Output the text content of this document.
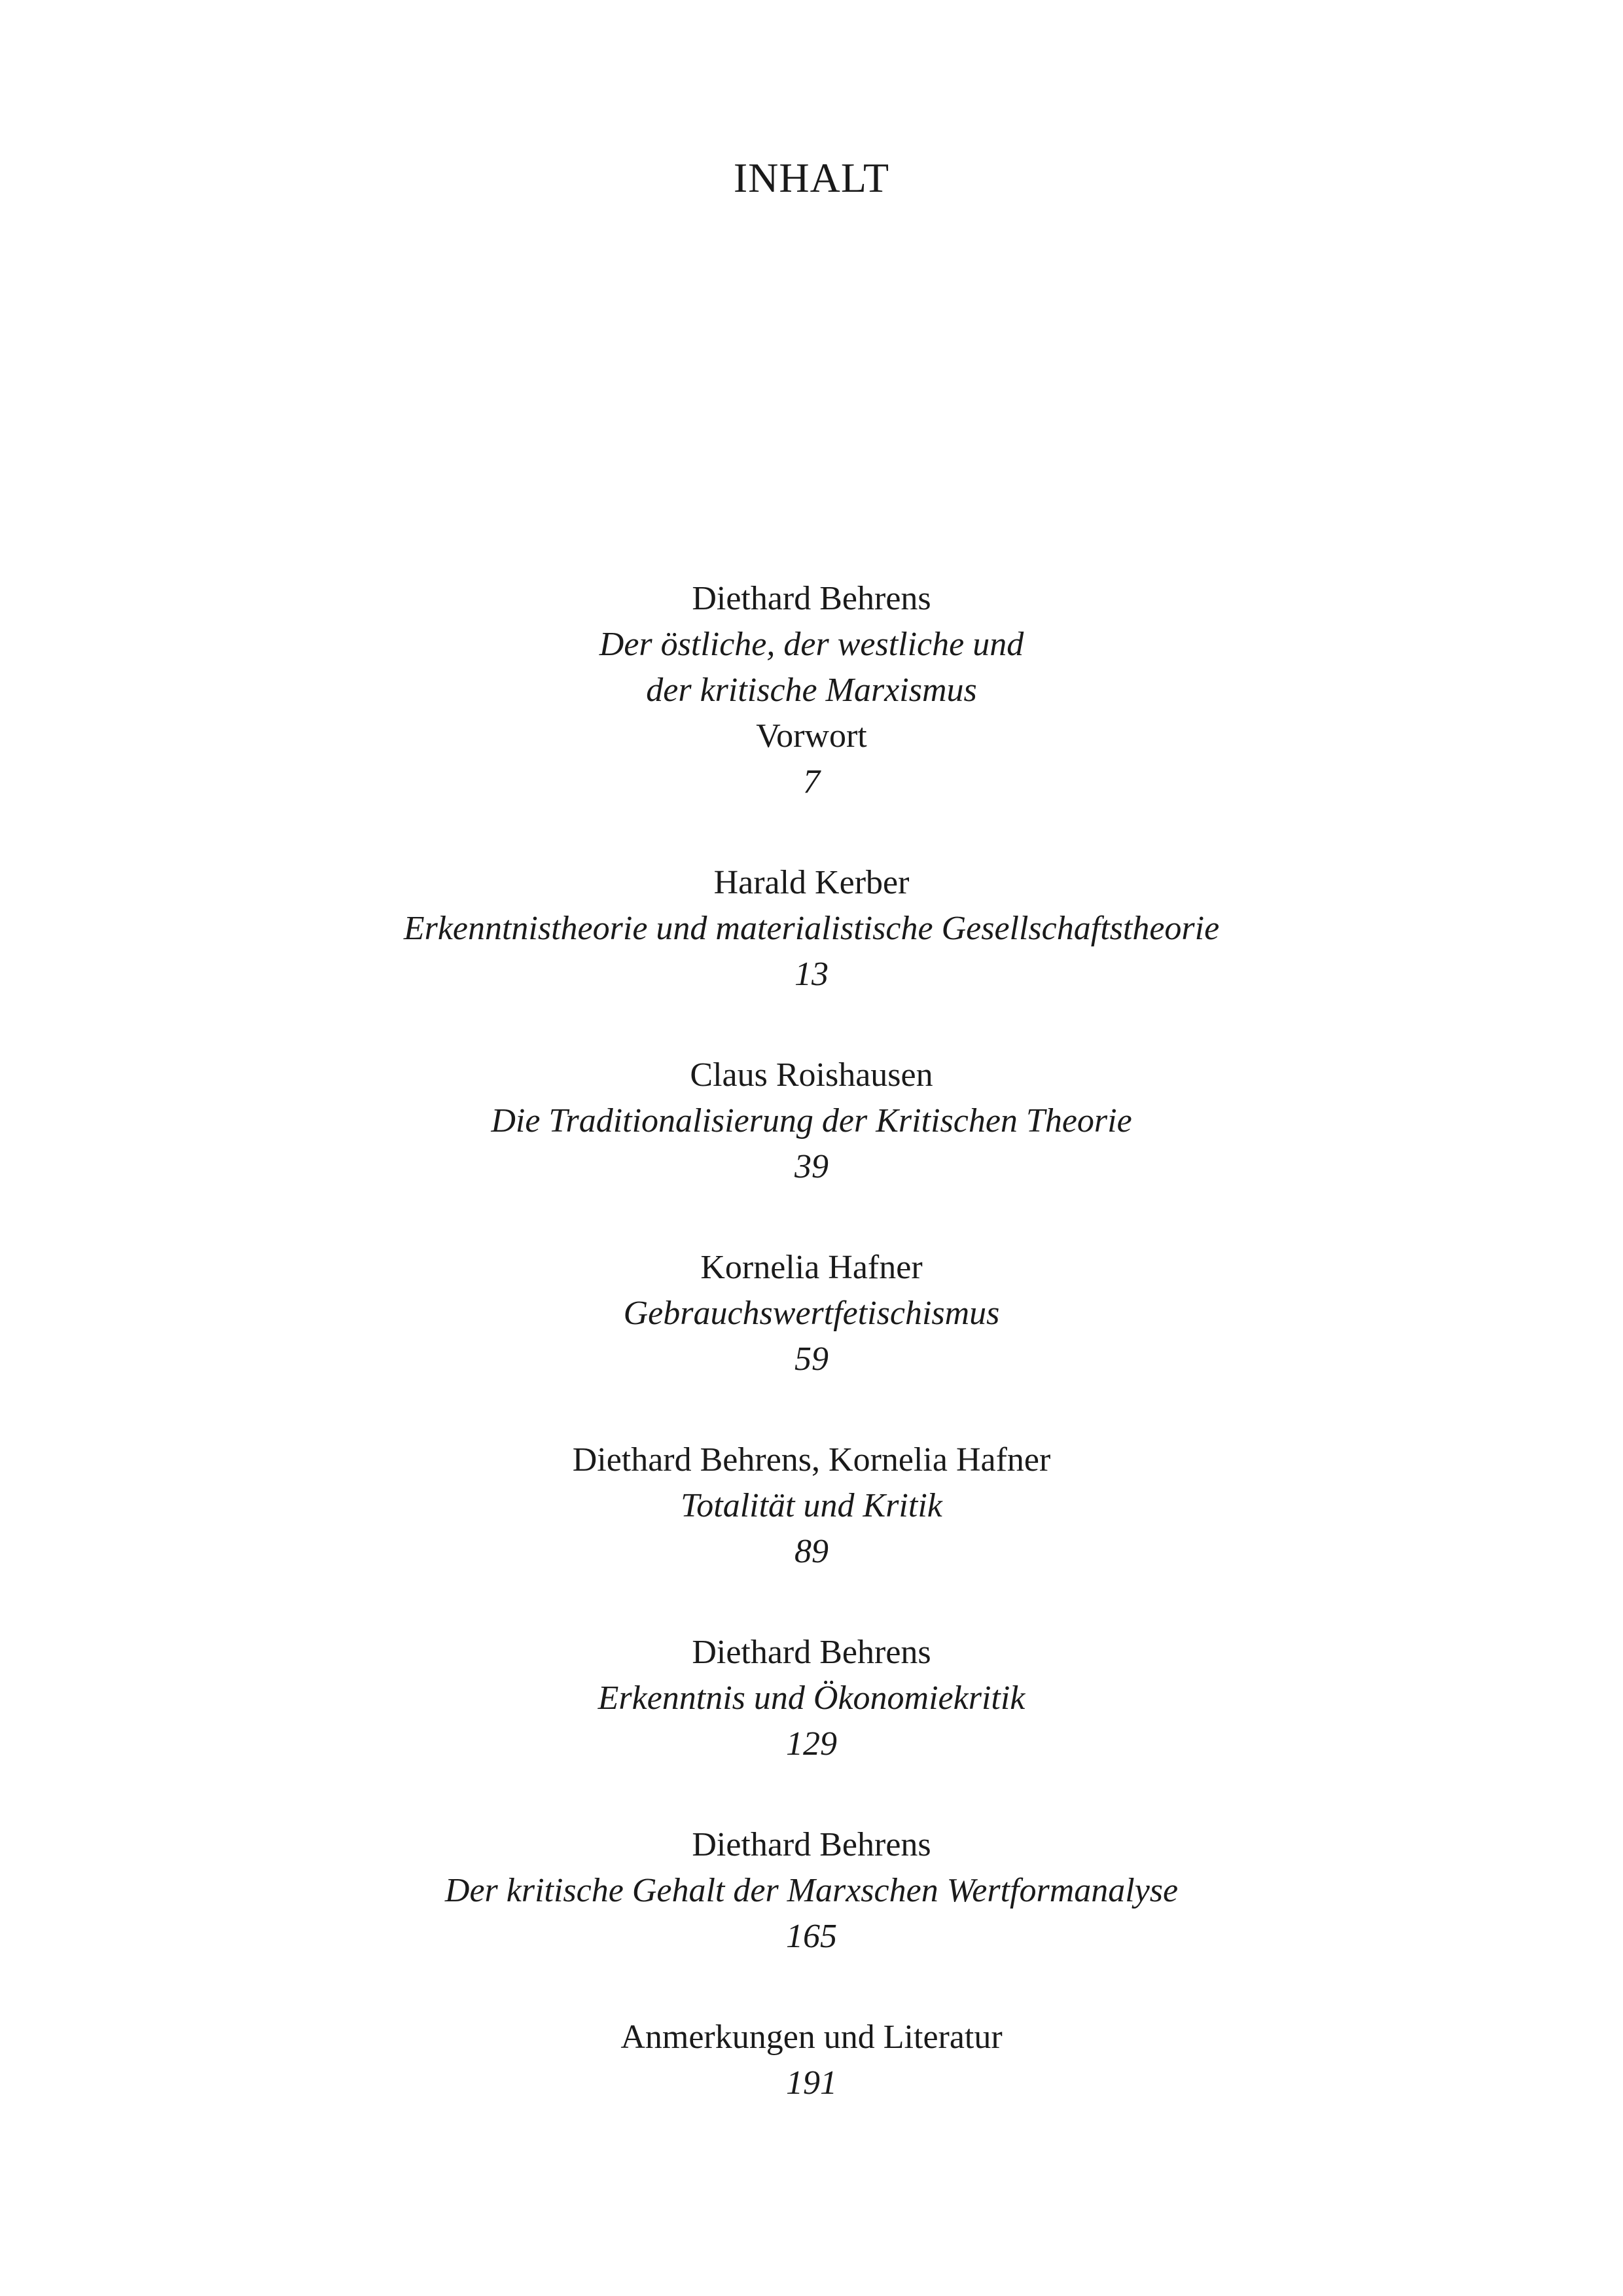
INHALT
Diethard Behrens
Der östliche, der westliche und
der kritische Marxismus
Vorwort
7
Harald Kerber
Erkenntnistheorie und materialistische Gesellschaftstheorie
13
Claus Roishausen
Die Traditionalisierung der Kritischen Theorie
39
Kornelia Hafner
Gebrauchswertfetischismus
59
Diethard Behrens, Kornelia Hafner
Totalität und Kritik
89
Diethard Behrens
Erkenntnis und Ökonomiekritik
129
Diethard Behrens
Der kritische Gehalt der Marxschen Wertformanalyse
165
Anmerkungen und Literatur
191
